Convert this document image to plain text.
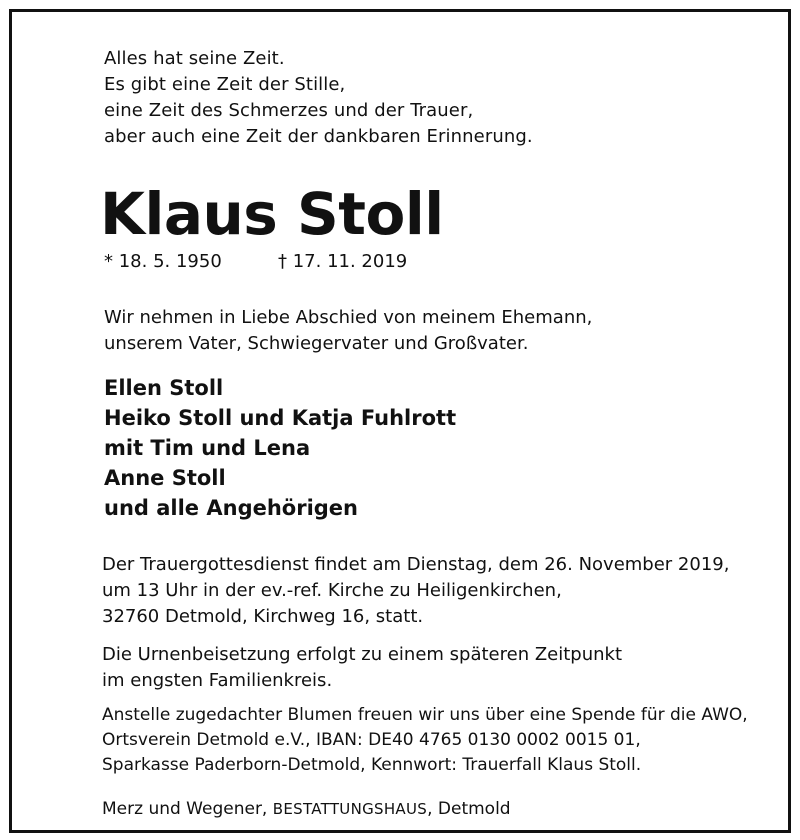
Alles hat seine Zeit.
Es gibt eine Zeit der Stille,
eine Zeit des Schmerzes und der Trauer,
aber auch eine Zeit der dankbaren Erinnerung.
Klaus Stoll
* 18. 5. 1950	† 17. 11. 2019
Wir nehmen in Liebe Abschied von meinem Ehemann,
unserem Vater, Schwiegervater und Großvater.
Ellen Stoll
Heiko Stoll und Katja Fuhlrott
mit Tim und Lena
Anne Stoll
und alle Angehörigen
Der Trauergottesdienst findet am Dienstag, dem 26. November 2019,
um 13 Uhr in der ev.-ref. Kirche zu Heiligenkirchen,
32760 Detmold, Kirchweg 16, statt.
Die Urnenbeisetzung erfolgt zu einem späteren Zeitpunkt
im engsten Familienkreis.
Anstelle zugedachter Blumen freuen wir uns über eine Spende für die AWO,
Ortsverein Detmold e.V., IBAN: DE40 4765 0130 0002 0015 01,
Sparkasse Paderborn-Detmold, Kennwort: Trauerfall Klaus Stoll.
Merz und Wegener, BESTATTUNGSHAUS, Detmold
